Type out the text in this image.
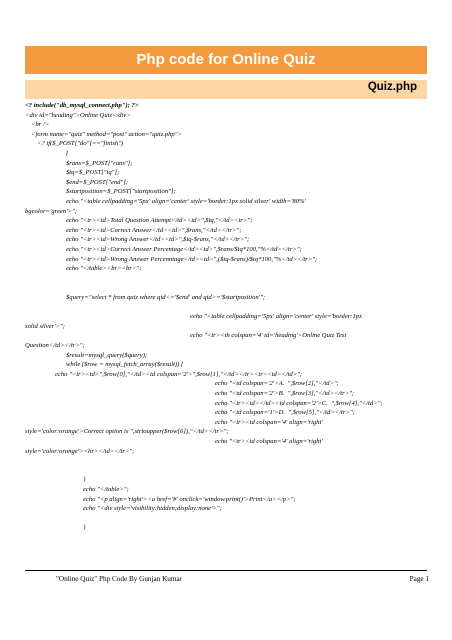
Php code for Online Quiz
Quiz.php
<? include("db_mysql_connect.php"); ?>
<div id="heading">Online Quiz</div>
<br />
<form name="quiz" method="post" action="quiz.php">
<? if($_POST["do"]=="finish")
{
$rans=$_POST["rans"];
$tq=$_POST["tq"];
$end=$_POST["end"];
$startposition=$_POST["startposition"];
echo "<table cellpadding='5px' align='center' style='border:1px solid silver' width='80%'
bgcolor='green'>";
echo "<tr><td>Total Question Attempt</td><td>",$tq,"</td><tr>";
echo "<tr><td>Correct Answer</td><td>",$rans,"</td></tr>";
echo "<tr><td>Wrong Answer</td><td>",$tq-$rans,"</td></tr>";
echo "<tr><td>Correct Answer Percentage</td><td>",$rans/$tq*100,"%</td></tr>";
echo "<tr><td>Wrong Answer Percenntage</td><td>",($tq-$rans)/$tq*100,"%</td></tr>";
echo "</table><br><br>";
$query="select * from quiz where qid<='$end' and qid>='$startposition'";
echo "<table cellpadding='5px' align='center' style='border:1px
solid silver'>";
echo "<tr><th colspan='4' id='heading'>Online Quiz Test
Question</td></tr>";
$result=mysql_query($query);
while ($row = mysql_fetch_array($result)) {
echo "<tr><td>",$row[0],"</td><td colspan='2'>",$row[1],"</td></tr><tr><td></td>";
echo "<td colspan='2'>A.  ",$row[2],"</td>";
echo "<td colspan='2'>B.  ",$row[3],"</td></tr>";
echo "<tr><td></td><td colspan='2'>C.  ",$row[4],"</td>";
echo "<td colspan='1'>D.  ",$row[5],"</td></tr>";
echo "<tr><td colspan='4' align='right'
style='color:orange'>Correct option is ",strtoupper($row[6]),"</td></tr>";
echo "<tr><td colspan='4' align='right'
style='color:orange'><hr></td></tr>";
}
echo "</table>";
echo "<p align='right'><a href='#' onclick='window.print()'>Print</a></p>";
echo "<div style='visibility:hidden;display:none'>";
}
"Online Quiz" Php Code By Gunjan Kumar	Page 1
